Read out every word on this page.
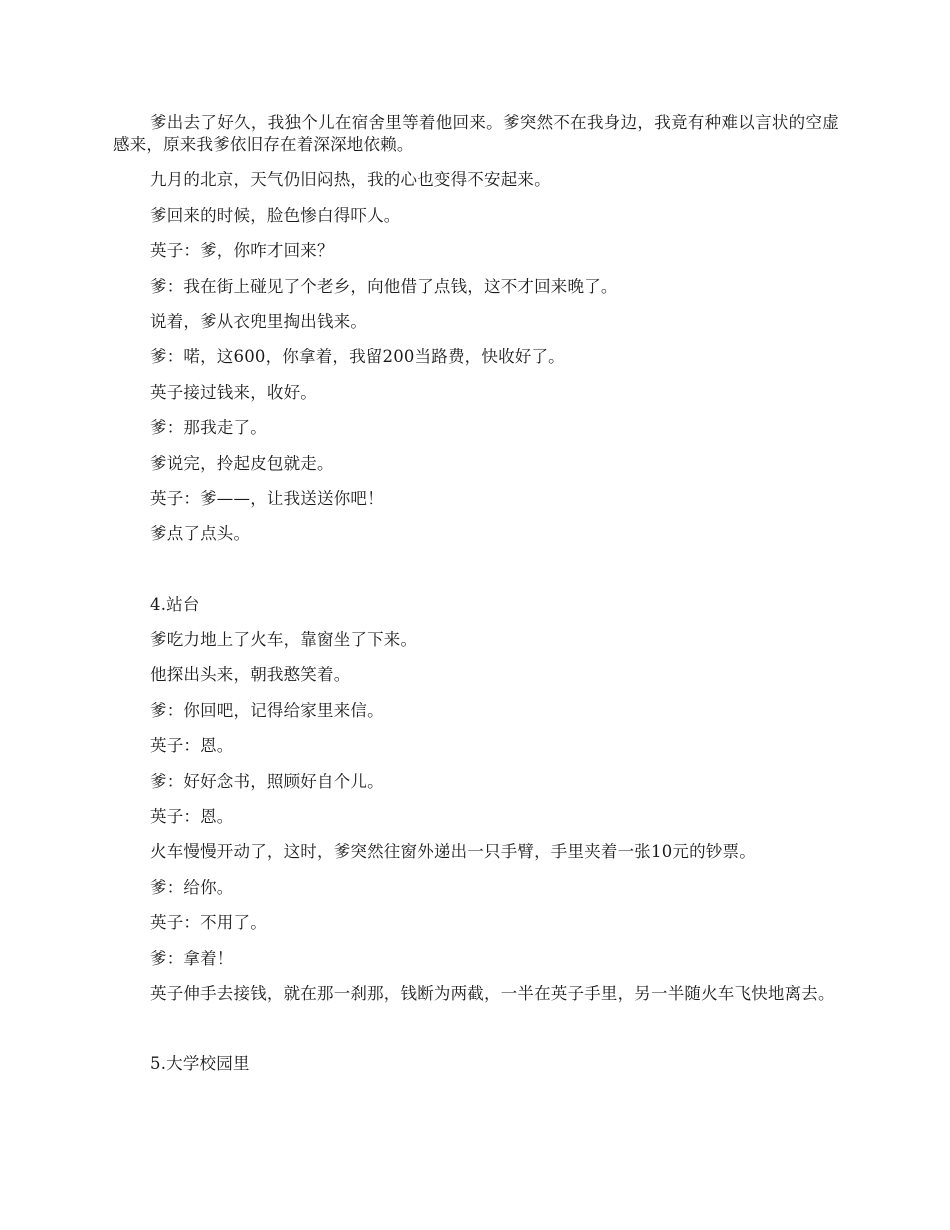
爹出去了好久，我独个儿在宿舍里等着他回来。爹突然不在我身边，我竟有种难以言状的空虚感来，原来我爹依旧存在着深深地依赖。

九月的北京，天气仍旧闷热，我的心也变得不安起来。

爹回来的时候，脸色惨白得吓人。

英子：爹，你咋才回来？

爹：我在街上碰见了个老乡，向他借了点钱，这不才回来晚了。

说着，爹从衣兜里掏出钱来。

爹：喏，这600，你拿着，我留200当路费，快收好了。

英子接过钱来，收好。

爹：那我走了。

爹说完，拎起皮包就走。

英子：爹——，让我送送你吧！

爹点了点头。

4.站台

爹吃力地上了火车，靠窗坐了下来。

他探出头来，朝我憨笑着。

爹：你回吧，记得给家里来信。

英子：恩。

爹：好好念书，照顾好自个儿。

英子：恩。

火车慢慢开动了，这时，爹突然往窗外递出一只手臂，手里夹着一张10元的钞票。

爹：给你。

英子：不用了。

爹：拿着！

英子伸手去接钱，就在那一刹那，钱断为两截，一半在英子手里，另一半随火车飞快地离去。

5.大学校园里
